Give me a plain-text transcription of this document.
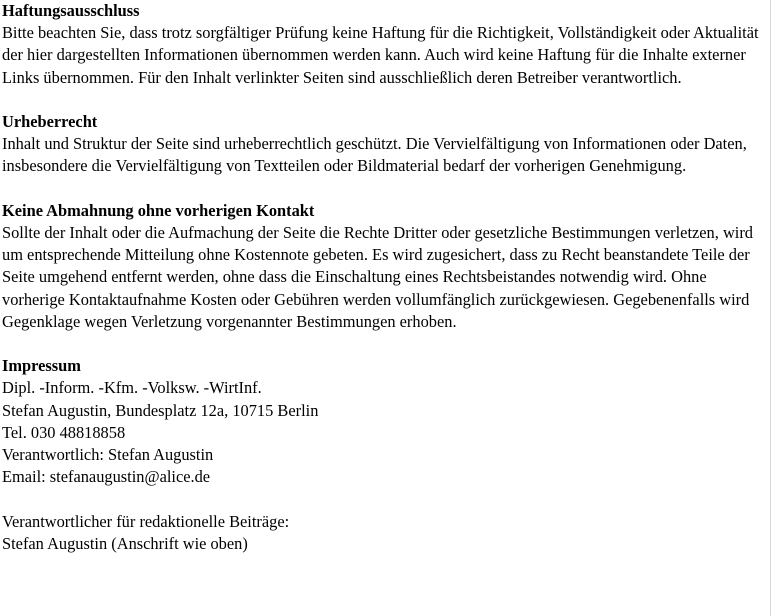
Haftungsausschluss

Bitte beachten Sie, dass trotz sorgfältiger Prüfung keine Haftung für die Richtigkeit, Vollständigkeit oder Aktualität der hier dargestellten Informationen übernommen werden kann. Auch wird keine Haftung für die Inhalte externer Links übernommen. Für den Inhalt verlinkter Seiten sind ausschließlich deren Betreiber verantwortlich.

Urheberrecht

Inhalt und Struktur der Seite sind urheberrechtlich geschützt. Die Vervielfältigung von Informationen oder Daten, insbesondere die Vervielfältigung von Textteilen oder Bildmaterial bedarf der vorherigen Genehmigung.

Keine Abmahnung ohne vorherigen Kontakt

Sollte der Inhalt oder die Aufmachung der Seite die Rechte Dritter oder gesetzliche Bestimmungen verletzen, wird um entsprechende Mitteilung ohne Kostennote gebeten. Es wird zugesichert, dass zu Recht beanstandete Teile der Seite umgehend entfernt werden, ohne dass die Einschaltung eines Rechtsbeistandes notwendig wird. Ohne vorherige Kontaktaufnahme Kosten oder Gebühren werden vollumfänglich zurückgewiesen. Gegebenenfalls wird Gegenklage wegen Verletzung vorgenannter Bestimmungen erhoben.

Impressum
Dipl. -Inform. -Kfm. -Volksw. -WirtInf.
Stefan Augustin, Bundesplatz 12a, 10715 Berlin
Tel. 030 48818858
Verantwortlich: Stefan Augustin
Email: stefanaugustin@alice.de
Verantwortlicher für redaktionelle Beiträge:
Stefan Augustin (Anschrift wie oben)
